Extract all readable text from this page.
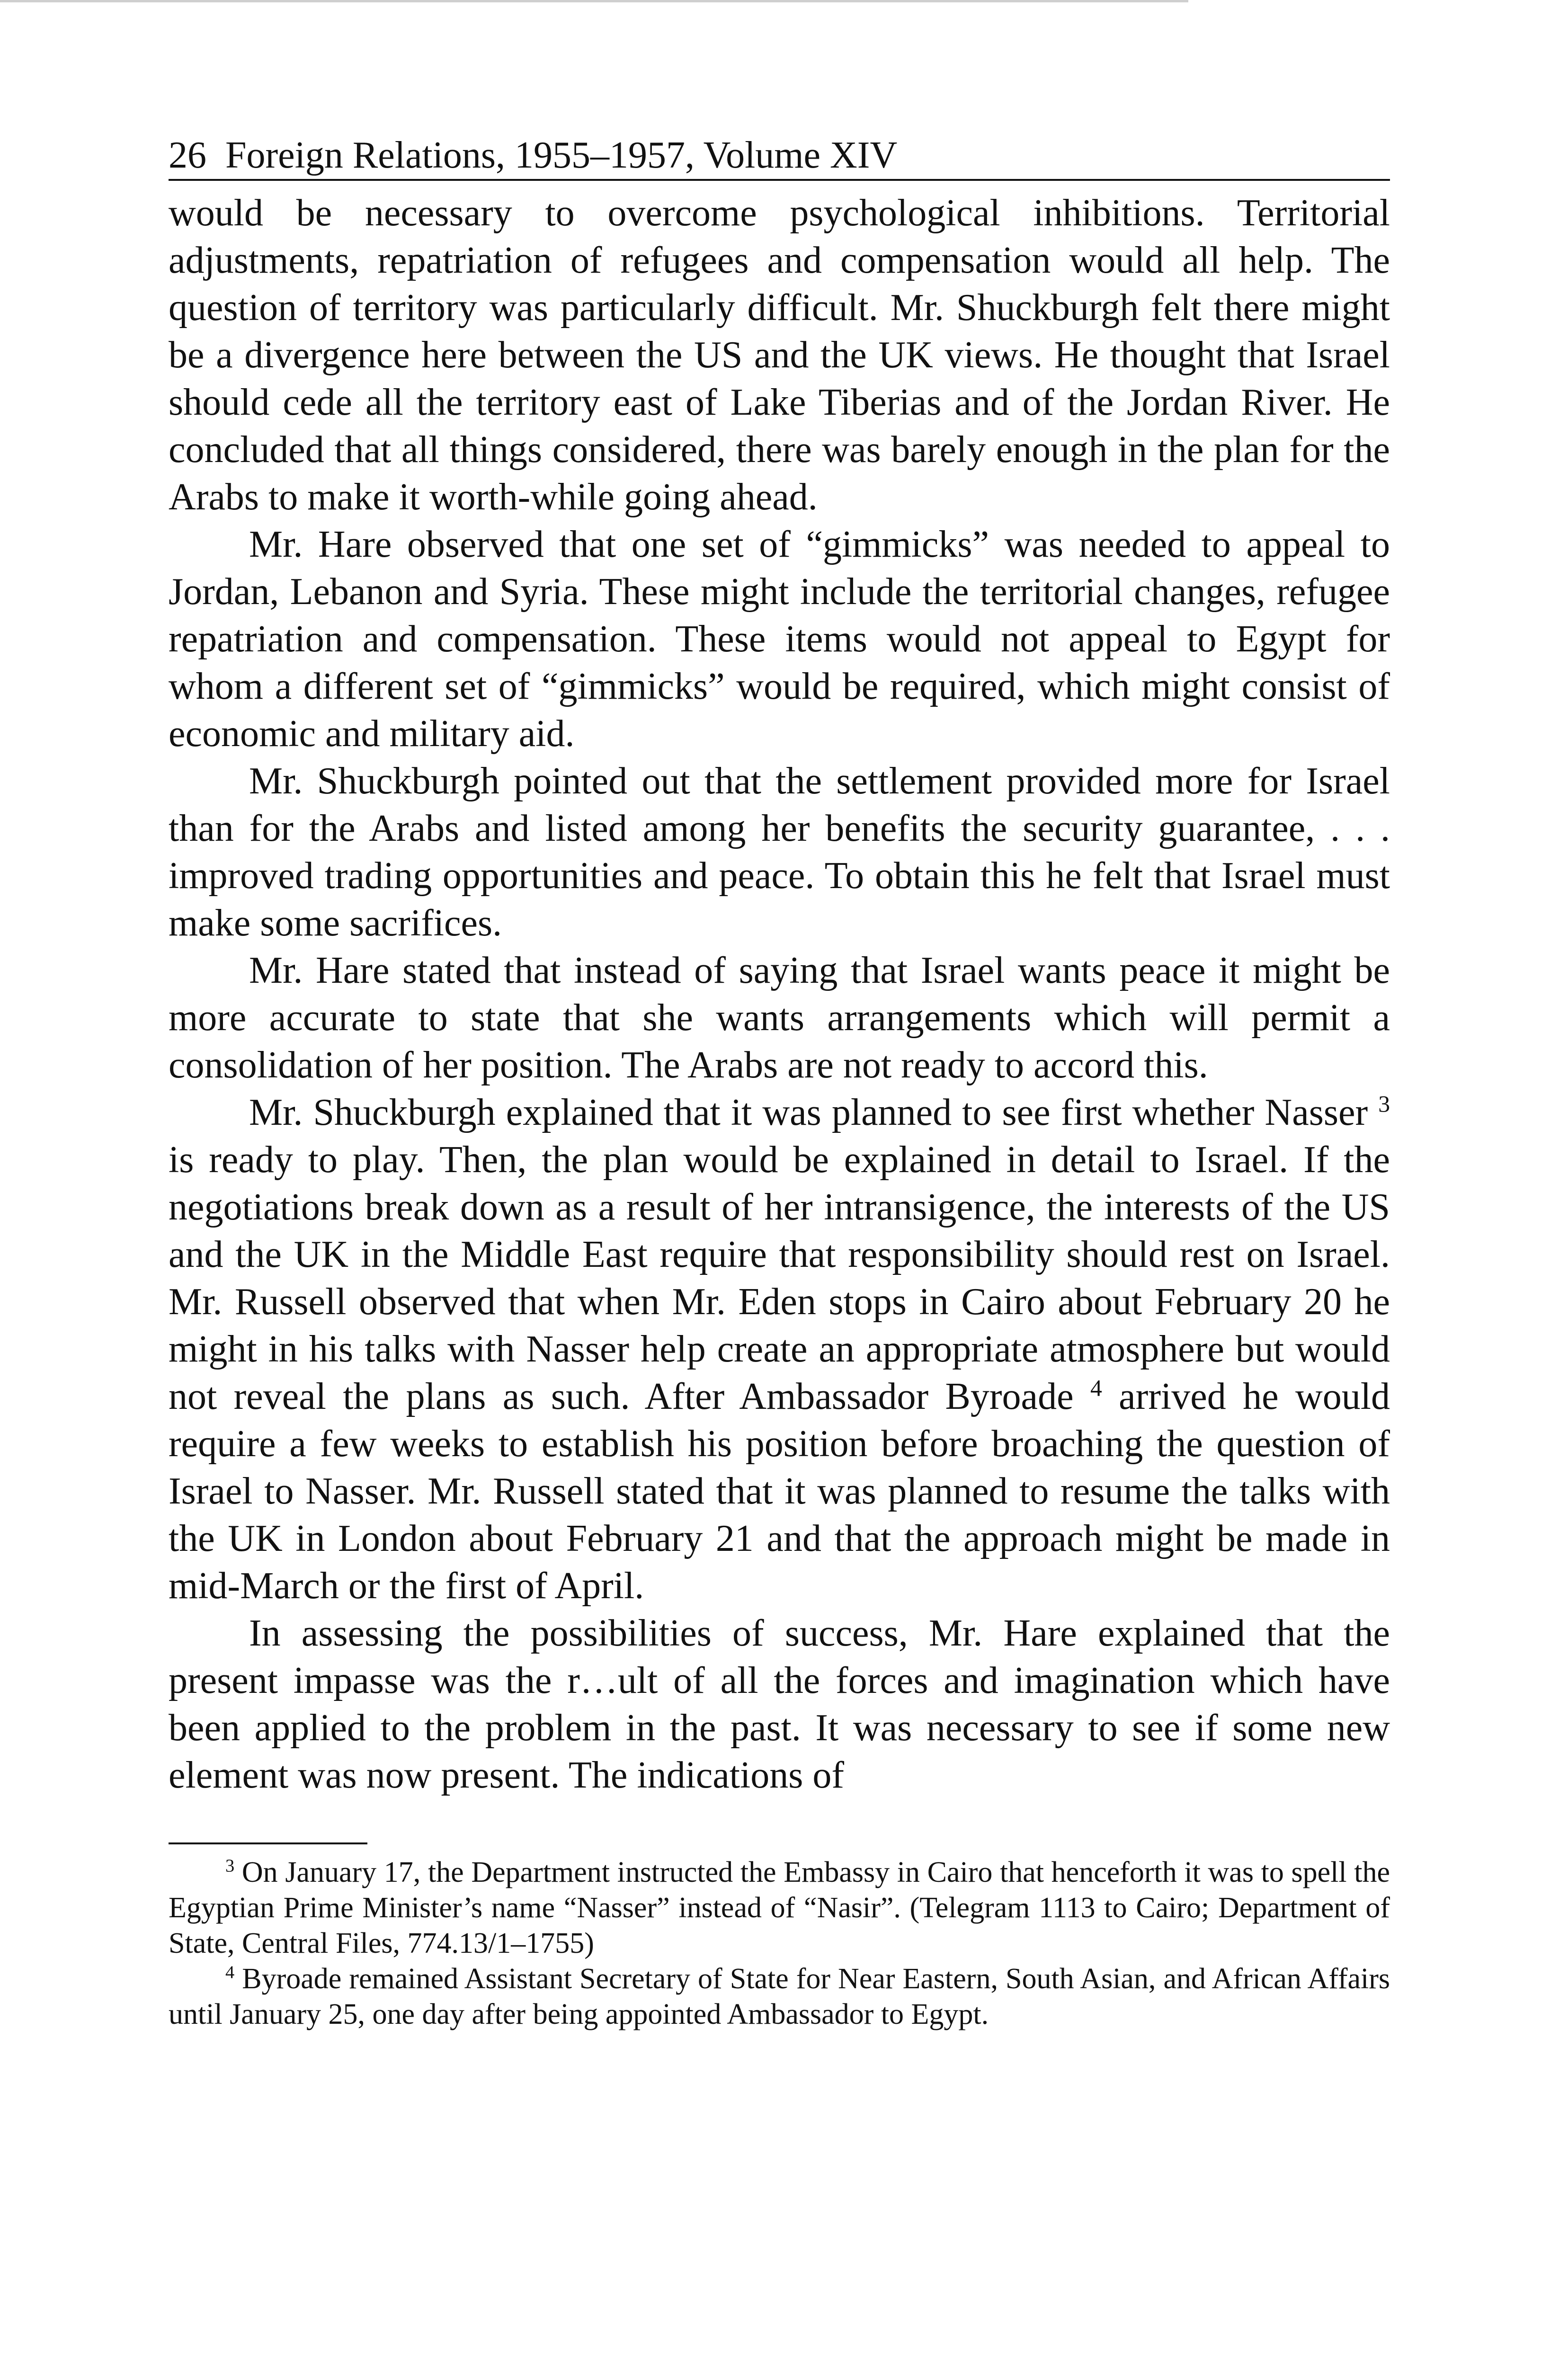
26 Foreign Relations, 1955–1957, Volume XIV

would be necessary to overcome psychological inhibitions. Territorial adjustments, repatriation of refugees and compensation would all help. The question of territory was particularly difficult. Mr. Shuckburgh felt there might be a divergence here between the US and the UK views. He thought that Israel should cede all the territory east of Lake Tiberias and of the Jordan River. He concluded that all things considered, there was barely enough in the plan for the Arabs to make it worth-while going ahead.

Mr. Hare observed that one set of “gimmicks” was needed to appeal to Jordan, Lebanon and Syria. These might include the territorial changes, refugee repatriation and compensation. These items would not appeal to Egypt for whom a different set of “gimmicks” would be required, which might consist of economic and military aid.

Mr. Shuckburgh pointed out that the settlement provided more for Israel than for the Arabs and listed among her benefits the security guarantee, . . . improved trading opportunities and peace. To obtain this he felt that Israel must make some sacrifices.

Mr. Hare stated that instead of saying that Israel wants peace it might be more accurate to state that she wants arrangements which will permit a consolidation of her position. The Arabs are not ready to accord this.

Mr. Shuckburgh explained that it was planned to see first whether Nasser $^3$ is ready to play. Then, the plan would be explained in detail to Israel. If the negotiations break down as a result of her intransigence, the interests of the US and the UK in the Middle East require that responsibility should rest on Israel. Mr. Russell observed that when Mr. Eden stops in Cairo about February 20 he might in his talks with Nasser help create an appropriate atmosphere but would not reveal the plans as such. After Ambassador Byroade $^4$ arrived he would require a few weeks to establish his position before broaching the question of Israel to Nasser. Mr. Russell stated that it was planned to resume the talks with the UK in London about February 21 and that the approach might be made in mid-March or the first of April.

In assessing the possibilities of success, Mr. Hare explained that the present impasse was the r…ult of all the forces and imagination which have been applied to the problem in the past. It was necessary to see if some new element was now present. The indications of

$^3$ On January 17, the Department instructed the Embassy in Cairo that henceforth it was to spell the Egyptian Prime Minister’s name “Nasser” instead of “Nasir”. (Telegram 1113 to Cairo; Department of State, Central Files, 774.13/1–1755)

$^4$ Byroade remained Assistant Secretary of State for Near Eastern, South Asian, and African Affairs until January 25, one day after being appointed Ambassador to Egypt.
